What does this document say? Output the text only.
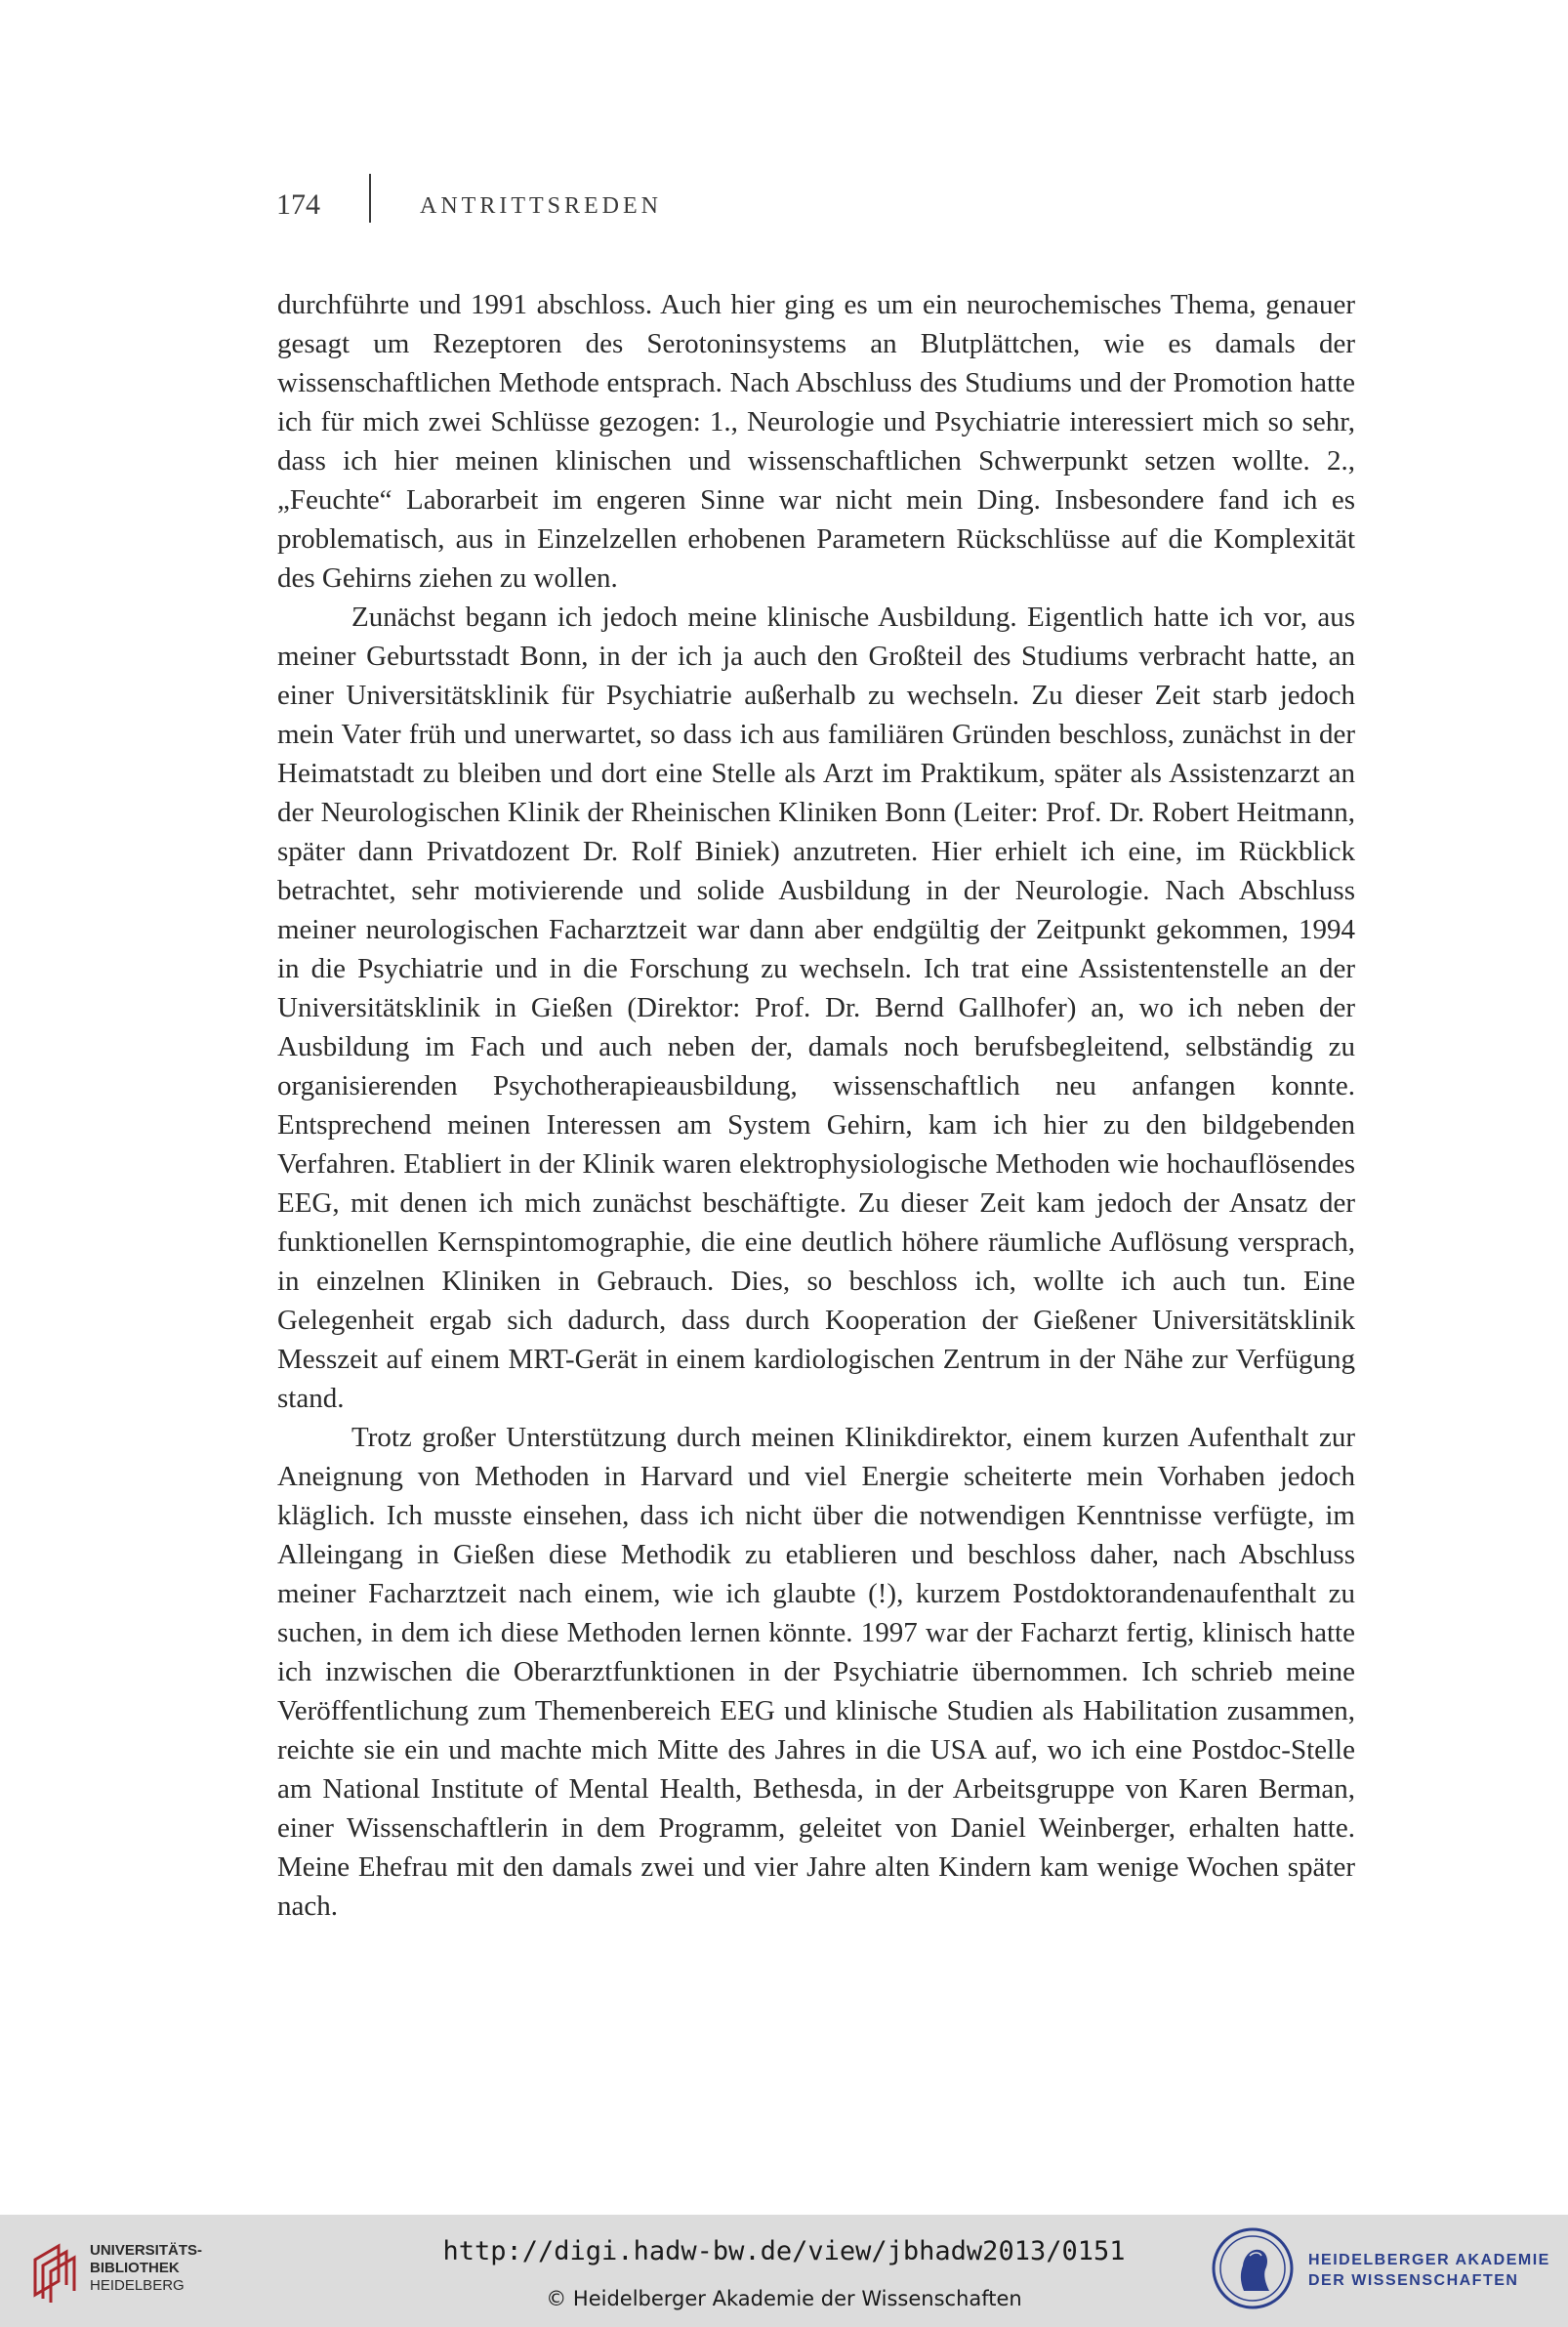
174	ANTRITTSREDEN

durchführte und 1991 abschloss. Auch hier ging es um ein neurochemisches Thema, genauer gesagt um Rezeptoren des Serotoninsystems an Blutplättchen, wie es damals der wissenschaftlichen Methode entsprach. Nach Abschluss des Studiums und der Promotion hatte ich für mich zwei Schlüsse gezogen: 1., Neurologie und Psychiatrie interessiert mich so sehr, dass ich hier meinen klinischen und wissenschaftlichen Schwerpunkt setzen wollte. 2., „Feuchte“ Laborarbeit im engeren Sinne war nicht mein Ding. Insbesondere fand ich es problematisch, aus in Einzelzellen erhobenen Parametern Rückschlüsse auf die Komplexität des Gehirns ziehen zu wollen.

Zunächst begann ich jedoch meine klinische Ausbildung. Eigentlich hatte ich vor, aus meiner Geburtsstadt Bonn, in der ich ja auch den Großteil des Studiums verbracht hatte, an einer Universitätsklinik für Psychiatrie außerhalb zu wechseln. Zu dieser Zeit starb jedoch mein Vater früh und unerwartet, so dass ich aus familiären Gründen beschloss, zunächst in der Heimatstadt zu bleiben und dort eine Stelle als Arzt im Praktikum, später als Assistenzarzt an der Neurologischen Klinik der Rheinischen Kliniken Bonn (Leiter: Prof. Dr. Robert Heitmann, später dann Privatdozent Dr. Rolf Biniek) anzutreten. Hier erhielt ich eine, im Rückblick betrachtet, sehr motivierende und solide Ausbildung in der Neurologie. Nach Abschluss meiner neurologischen Facharztzeit war dann aber endgültig der Zeitpunkt gekommen, 1994 in die Psychiatrie und in die Forschung zu wechseln. Ich trat eine Assistentenstelle an der Universitätsklinik in Gießen (Direktor: Prof. Dr. Bernd Gallhofer) an, wo ich neben der Ausbildung im Fach und auch neben der, damals noch berufsbegleitend, selbständig zu organisierenden Psychotherapieausbildung, wissenschaftlich neu anfangen konnte. Entsprechend meinen Interessen am System Gehirn, kam ich hier zu den bildgebenden Verfahren. Etabliert in der Klinik waren elektrophysiologische Methoden wie hochauflösendes EEG, mit denen ich mich zunächst beschäftigte. Zu dieser Zeit kam jedoch der Ansatz der funktionellen Kernspintomographie, die eine deutlich höhere räumliche Auflösung versprach, in einzelnen Kliniken in Gebrauch. Dies, so beschloss ich, wollte ich auch tun. Eine Gelegenheit ergab sich dadurch, dass durch Kooperation der Gießener Universitätsklinik Messzeit auf einem MRT-Gerät in einem kardiologischen Zentrum in der Nähe zur Verfügung stand.

Trotz großer Unterstützung durch meinen Klinikdirektor, einem kurzen Aufenthalt zur Aneignung von Methoden in Harvard und viel Energie scheiterte mein Vorhaben jedoch kläglich. Ich musste einsehen, dass ich nicht über die notwendigen Kenntnisse verfügte, im Alleingang in Gießen diese Methodik zu etablieren und beschloss daher, nach Abschluss meiner Facharztzeit nach einem, wie ich glaubte (!), kurzem Postdoktorandenaufenthalt zu suchen, in dem ich diese Methoden lernen könnte. 1997 war der Facharzt fertig, klinisch hatte ich inzwischen die Oberarztfunktionen in der Psychiatrie übernommen. Ich schrieb meine Veröffentlichung zum Themenbereich EEG und klinische Studien als Habilitation zusammen, reichte sie ein und machte mich Mitte des Jahres in die USA auf, wo ich eine Postdoc-Stelle am National Institute of Mental Health, Bethesda, in der Arbeitsgruppe von Karen Berman, einer Wissenschaftlerin in dem Programm, geleitet von Daniel Weinberger, erhalten hatte. Meine Ehefrau mit den damals zwei und vier Jahre alten Kindern kam wenige Wochen später nach.

UNIVERSITÄTS-
BIBLIOTHEK
HEIDELBERG
http://digi.hadw-bw.de/view/jbhadw2013/0151
© Heidelberger Akademie der Wissenschaften
HEIDELBERGER AKADEMIE
DER WISSENSCHAFTEN
